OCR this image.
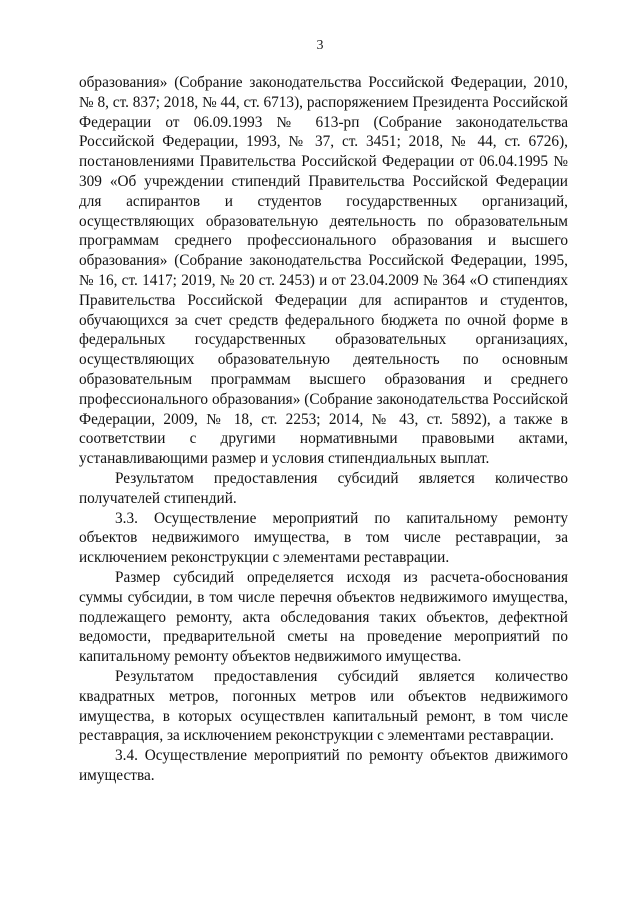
3

образования» (Собрание законодательства Российской Федерации, 2010, № 8, ст. 837; 2018, № 44, ст. 6713), распоряжением Президента Российской Федерации от 06.09.1993 № 613-рп (Собрание законодательства Российской Федерации, 1993, № 37, ст. 3451; 2018, № 44, ст. 6726), постановлениями Правительства Российской Федерации от 06.04.1995 № 309 «Об учреждении стипендий Правительства Российской Федерации для аспирантов и студентов государственных организаций, осуществляющих образовательную деятельность по образовательным программам среднего профессионального образования и высшего образования» (Собрание законодательства Российской Федерации, 1995, № 16, ст. 1417; 2019, № 20 ст. 2453) и от 23.04.2009 № 364 «О стипендиях Правительства Российской Федерации для аспирантов и студентов, обучающихся за счет средств федерального бюджета по очной форме в федеральных государственных образовательных организациях, осуществляющих образовательную деятельность по основным образовательным программам высшего образования и среднего профессионального образования» (Собрание законодательства Российской Федерации, 2009, № 18, ст. 2253; 2014, № 43, ст. 5892), а также в соответствии с другими нормативными правовыми актами, устанавливающими размер и условия стипендиальных выплат.

Результатом предоставления субсидий является количество получателей стипендий.

3.3. Осуществление мероприятий по капитальному ремонту объектов недвижимого имущества, в том числе реставрации, за исключением реконструкции с элементами реставрации.

Размер субсидий определяется исходя из расчета-обоснования суммы субсидии, в том числе перечня объектов недвижимого имущества, подлежащего ремонту, акта обследования таких объектов, дефектной ведомости, предварительной сметы на проведение мероприятий по капитальному ремонту объектов недвижимого имущества.

Результатом предоставления субсидий является количество квадратных метров, погонных метров или объектов недвижимого имущества, в которых осуществлен капитальный ремонт, в том числе реставрация, за исключением реконструкции с элементами реставрации.

3.4. Осуществление мероприятий по ремонту объектов движимого имущества.
